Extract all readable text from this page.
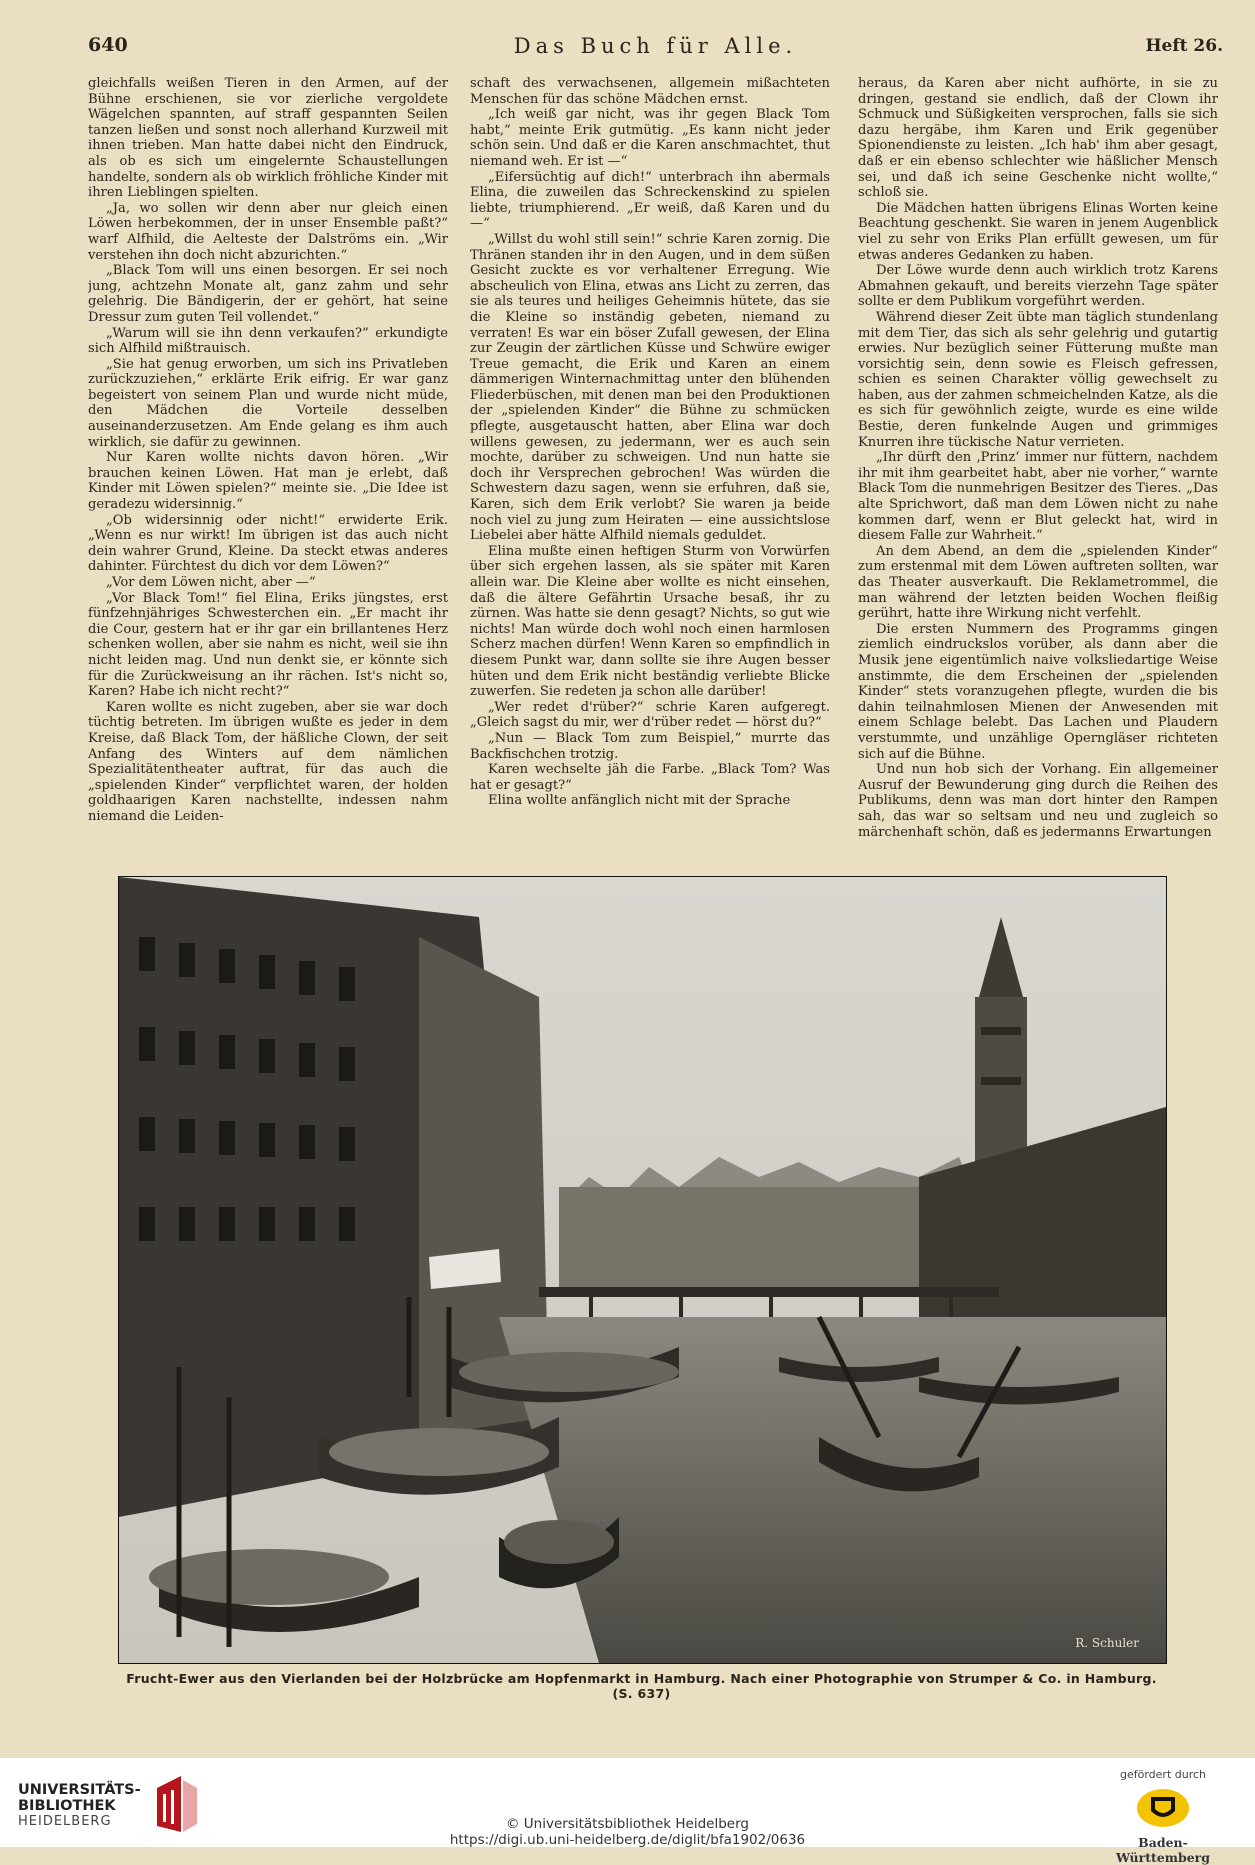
640	Das Buch für Alle.	Heft 26.

gleichfalls weißen Tieren in den Armen, auf der Bühne erschienen, sie vor zierliche vergoldete Wägelchen spannten, auf straff gespannten Seilen tanzen ließen und sonst noch allerhand Kurzweil mit ihnen trieben. Man hatte dabei nicht den Eindruck, als ob es sich um eingelernte Schaustellungen handelte, sondern als ob wirklich fröhliche Kinder mit ihren Lieblingen spielten.

„Ja, wo sollen wir denn aber nur gleich einen Löwen herbekommen, der in unser Ensemble paßt?“ warf Alfhild, die Aelteste der Dalströms ein. „Wir verstehen ihn doch nicht abzurichten.“

„Black Tom will uns einen besorgen. Er sei noch jung, achtzehn Monate alt, ganz zahm und sehr gelehrig. Die Bändigerin, der er gehört, hat seine Dressur zum guten Teil vollendet.“

„Warum will sie ihn denn verkaufen?“ erkundigte sich Alfhild mißtrauisch.

„Sie hat genug erworben, um sich ins Privatleben zurückzuziehen,“ erklärte Erik eifrig. Er war ganz begeistert von seinem Plan und wurde nicht müde, den Mädchen die Vorteile desselben auseinanderzusetzen. Am Ende gelang es ihm auch wirklich, sie dafür zu gewinnen.

Nur Karen wollte nichts davon hören. „Wir brauchen keinen Löwen. Hat man je erlebt, daß Kinder mit Löwen spielen?“ meinte sie. „Die Idee ist geradezu widersinnig.“

„Ob widersinnig oder nicht!“ erwiderte Erik. „Wenn es nur wirkt! Im übrigen ist das auch nicht dein wahrer Grund, Kleine. Da steckt etwas anderes dahinter. Fürchtest du dich vor dem Löwen?“

„Vor dem Löwen nicht, aber —“

„Vor Black Tom!“ fiel Elina, Eriks jüngstes, erst fünfzehnjähriges Schwesterchen ein. „Er macht ihr die Cour, gestern hat er ihr gar ein brillantenes Herz schenken wollen, aber sie nahm es nicht, weil sie ihn nicht leiden mag. Und nun denkt sie, er könnte sich für die Zurückweisung an ihr rächen. Ist's nicht so, Karen? Habe ich nicht recht?“

Karen wollte es nicht zugeben, aber sie war doch tüchtig betreten. Im übrigen wußte es jeder in dem Kreise, daß Black Tom, der häßliche Clown, der seit Anfang des Winters auf dem nämlichen Spezialitätentheater auftrat, für das auch die „spielenden Kinder“ verpflichtet waren, der holden goldhaarigen Karen nachstellte, indessen nahm niemand die Leiden-

schaft des verwachsenen, allgemein mißachteten Menschen für das schöne Mädchen ernst.

„Ich weiß gar nicht, was ihr gegen Black Tom habt,“ meinte Erik gutmütig. „Es kann nicht jeder schön sein. Und daß er die Karen anschmachtet, thut niemand weh. Er ist —“

„Eifersüchtig auf dich!“ unterbrach ihn abermals Elina, die zuweilen das Schreckenskind zu spielen liebte, triumphierend. „Er weiß, daß Karen und du —“

„Willst du wohl still sein!“ schrie Karen zornig. Die Thränen standen ihr in den Augen, und in dem süßen Gesicht zuckte es vor verhaltener Erregung. Wie abscheulich von Elina, etwas ans Licht zu zerren, das sie als teures und heiliges Geheimnis hütete, das sie die Kleine so inständig gebeten, niemand zu verraten! Es war ein böser Zufall gewesen, der Elina zur Zeugin der zärtlichen Küsse und Schwüre ewiger Treue gemacht, die Erik und Karen an einem dämmerigen Winternachmittag unter den blühenden Fliederbüschen, mit denen man bei den Produktionen der „spielenden Kinder“ die Bühne zu schmücken pflegte, ausgetauscht hatten, aber Elina war doch willens gewesen, zu jedermann, wer es auch sein mochte, darüber zu schweigen. Und nun hatte sie doch ihr Versprechen gebrochen! Was würden die Schwestern dazu sagen, wenn sie erfuhren, daß sie, Karen, sich dem Erik verlobt? Sie waren ja beide noch viel zu jung zum Heiraten — eine aussichtslose Liebelei aber hätte Alfhild niemals geduldet.

Elina mußte einen heftigen Sturm von Vorwürfen über sich ergehen lassen, als sie später mit Karen allein war. Die Kleine aber wollte es nicht einsehen, daß die ältere Gefährtin Ursache besaß, ihr zu zürnen. Was hatte sie denn gesagt? Nichts, so gut wie nichts! Man würde doch wohl noch einen harmlosen Scherz machen dürfen! Wenn Karen so empfindlich in diesem Punkt war, dann sollte sie ihre Augen besser hüten und dem Erik nicht beständig verliebte Blicke zuwerfen. Sie redeten ja schon alle darüber!

„Wer redet d'rüber?“ schrie Karen aufgeregt. „Gleich sagst du mir, wer d'rüber redet — hörst du?“

„Nun — Black Tom zum Beispiel,“ murrte das Backfischchen trotzig.

Karen wechselte jäh die Farbe. „Black Tom? Was hat er gesagt?“

Elina wollte anfänglich nicht mit der Sprache

heraus, da Karen aber nicht aufhörte, in sie zu dringen, gestand sie endlich, daß der Clown ihr Schmuck und Süßigkeiten versprochen, falls sie sich dazu hergäbe, ihm Karen und Erik gegenüber Spionendienste zu leisten. „Ich hab' ihm aber gesagt, daß er ein ebenso schlechter wie häßlicher Mensch sei, und daß ich seine Geschenke nicht wollte,“ schloß sie.

Die Mädchen hatten übrigens Elinas Worten keine Beachtung geschenkt. Sie waren in jenem Augenblick viel zu sehr von Eriks Plan erfüllt gewesen, um für etwas anderes Gedanken zu haben.

Der Löwe wurde denn auch wirklich trotz Karens Abmahnen gekauft, und bereits vierzehn Tage später sollte er dem Publikum vorgeführt werden.

Während dieser Zeit übte man täglich stundenlang mit dem Tier, das sich als sehr gelehrig und gutartig erwies. Nur bezüglich seiner Fütterung mußte man vorsichtig sein, denn sowie es Fleisch gefressen, schien es seinen Charakter völlig gewechselt zu haben, aus der zahmen schmeichelnden Katze, als die es sich für gewöhnlich zeigte, wurde es eine wilde Bestie, deren funkelnde Augen und grimmiges Knurren ihre tückische Natur verrieten.

„Ihr dürft den ‚Prinz‘ immer nur füttern, nachdem ihr mit ihm gearbeitet habt, aber nie vorher,“ warnte Black Tom die nunmehrigen Besitzer des Tieres. „Das alte Sprichwort, daß man dem Löwen nicht zu nahe kommen darf, wenn er Blut geleckt hat, wird in diesem Falle zur Wahrheit.“

An dem Abend, an dem die „spielenden Kinder“ zum erstenmal mit dem Löwen auftreten sollten, war das Theater ausverkauft. Die Reklametrommel, die man während der letzten beiden Wochen fleißig gerührt, hatte ihre Wirkung nicht verfehlt.

Die ersten Nummern des Programms gingen ziemlich eindruckslos vorüber, als dann aber die Musik jene eigentümlich naive volksliedartige Weise anstimmte, die dem Erscheinen der „spielenden Kinder“ stets voranzugehen pflegte, wurden die bis dahin teilnahmlosen Mienen der Anwesenden mit einem Schlage belebt. Das Lachen und Plaudern verstummte, und unzählige Operngläser richteten sich auf die Bühne.

Und nun hob sich der Vorhang. Ein allgemeiner Ausruf der Bewunderung ging durch die Reihen des Publikums, denn was man dort hinter den Rampen sah, das war so seltsam und neu und zugleich so märchenhaft schön, daß es jedermanns Erwartungen

R. Schuler
Frucht-Ewer aus den Vierlanden bei der Holzbrücke am Hopfenmarkt in Hamburg. Nach einer Photographie von Strumper & Co. in Hamburg. (S. 637)
UNIVERSITÄTS-
BIBLIOTHEK
HEIDELBERG	© Universitätsbibliothek Heidelberg
https://digi.ub.uni-heidelberg.de/diglit/bfa1902/0636
gefördert durch
Baden-Württemberg
